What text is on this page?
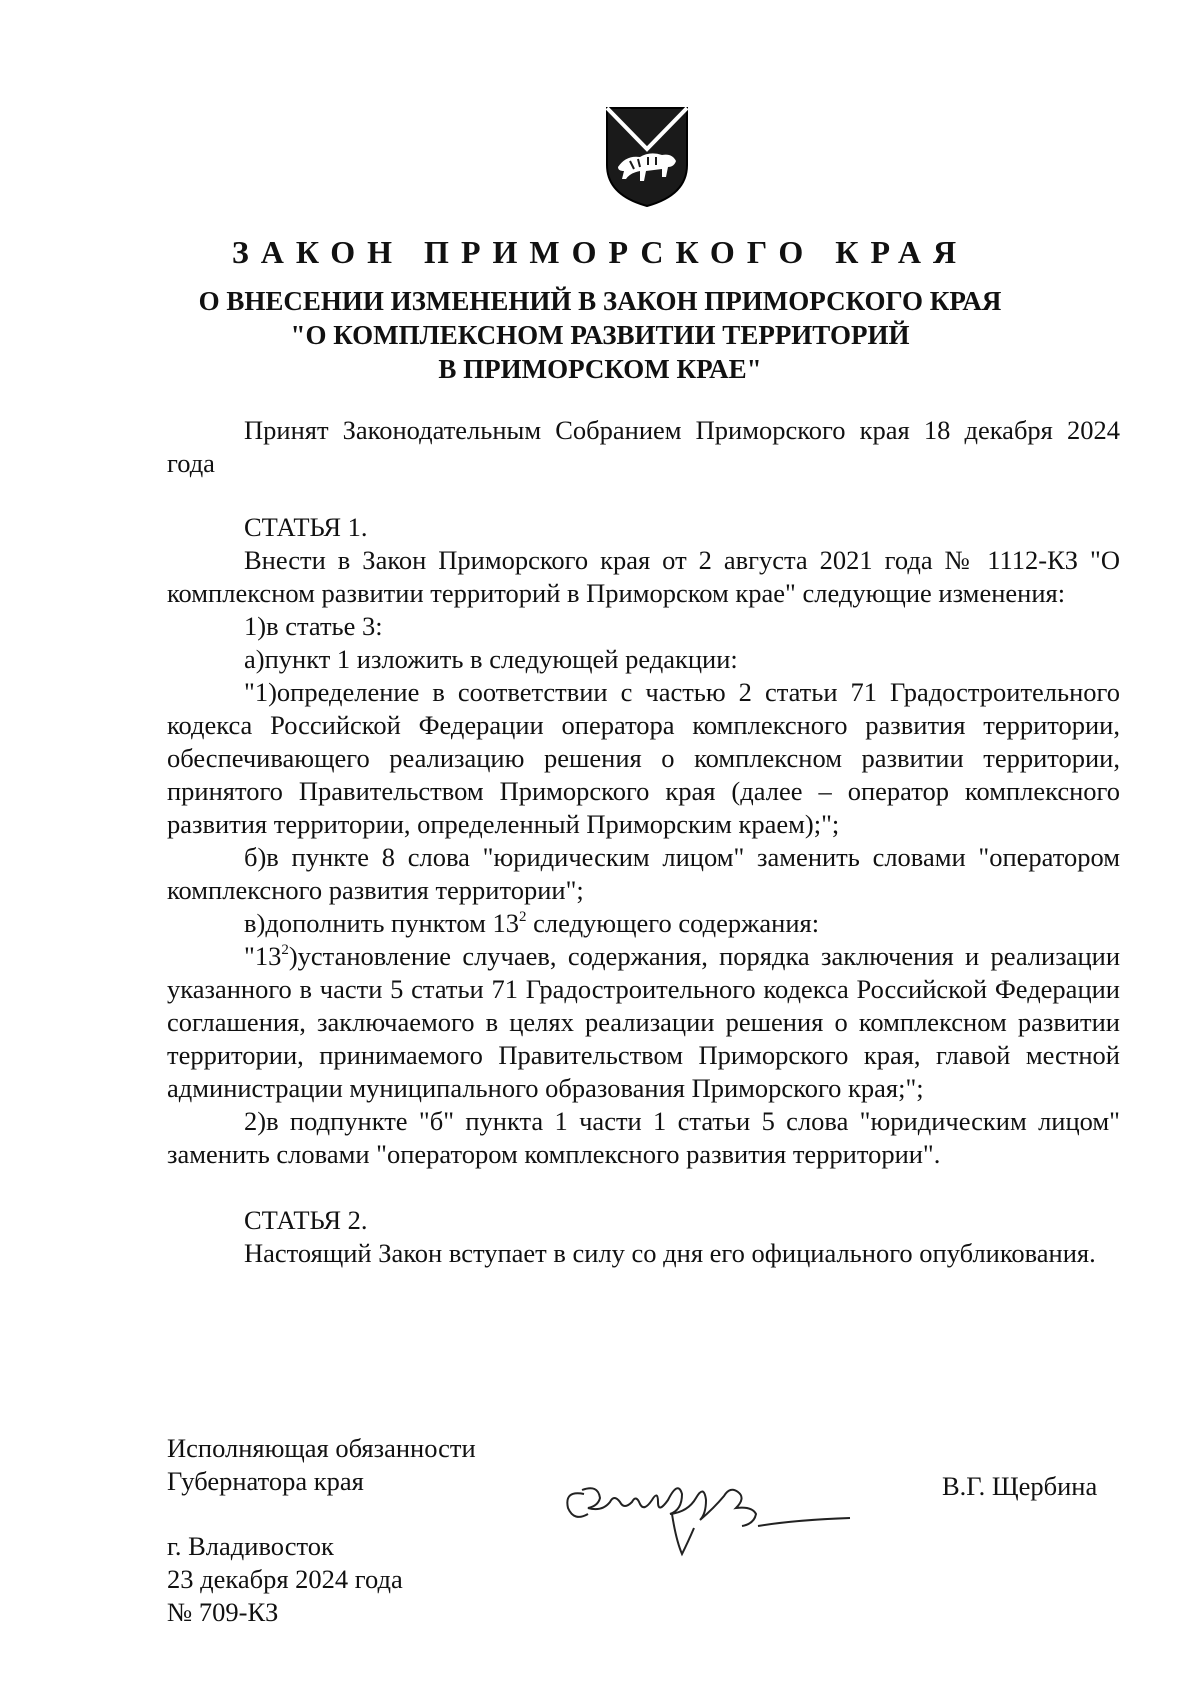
ЗАКОН ПРИМОРСКОГО КРАЯ
О ВНЕСЕНИИ ИЗМЕНЕНИЙ В ЗАКОН ПРИМОРСКОГО КРАЯ
"О КОМПЛЕКСНОМ РАЗВИТИИ ТЕРРИТОРИЙ
В ПРИМОРСКОМ КРАЕ"

Принят Законодательным Собранием Приморского края 18 декабря 2024 года

СТАТЬЯ 1.

Внести в Закон Приморского края от 2 августа 2021 года № 1112-КЗ "О комплексном развитии территорий в Приморском крае" следующие изменения:

1)в статье 3:

а)пункт 1 изложить в следующей редакции:

"1)определение в соответствии с частью 2 статьи 71 Градостроительного кодекса Российской Федерации оператора комплексного развития территории, обеспечивающего реализацию решения о комплексном развитии территории, принятого Правительством Приморского края (далее – оператор комплексного развития территории, определенный Приморским краем);";

б)в пункте 8 слова "юридическим лицом" заменить словами "оператором комплексного развития территории";

в)дополнить пунктом $13^2$ следующего содержания:

"$13^2)установление$ случаев, содержания, порядка заключения и реализации указанного в части 5 статьи 71 Градостроительного кодекса Российской Федерации соглашения, заключаемого в целях реализации решения о комплексном развитии территории, принимаемого Правительством Приморского края, главой местной администрации муниципального образования Приморского края;";

2)в подпункте "б" пункта 1 части 1 статьи 5 слова "юридическим лицом" заменить словами "оператором комплексного развития территории".

СТАТЬЯ 2.

Настоящий Закон вступает в силу со дня его официального опубликования.

Исполняющая обязанности
Губернатора края	В.Г. Щербина
г. Владивосток
23 декабря 2024 года
№ 709-КЗ
